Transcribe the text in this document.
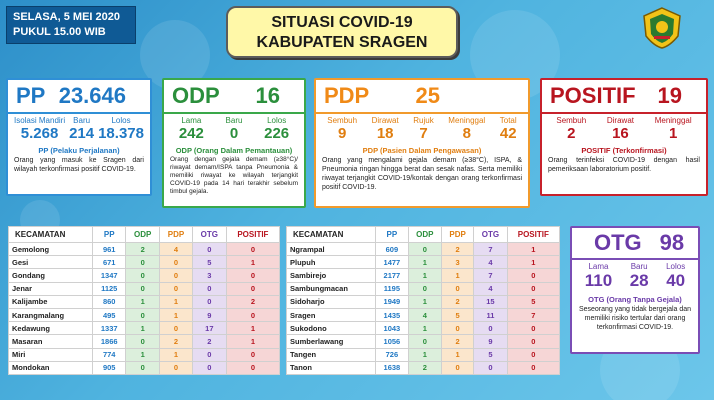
SELASA, 5 MEI 2020
PUKUL 15.00 WIB
SITUASI COVID-19
KABUPATEN SRAGEN
PP 23.646
Isolasi Mandiri
5.268
Baru
214
Lolos
18.378
PP (Pelaku Perjalanan)
Orang yang masuk ke Sragen dari wilayah terkonfirmasi positif COVID-19.
ODP 16
Lama
242
Baru
0
Lolos
226
ODP (Orang Dalam Pemantauan)
Orang dengan gejala demam (≥38°C)/ riwayat demam/ISPA tanpa Pneumonia & memiliki riwayat ke wilayah terjangkit COVID-19 pada 14 hari terakhir sebelum timbul gejala.
PDP 25
Sembuh
9
Dirawat
18
Rujuk
7
Meninggal
8
Total
42
PDP (Pasien Dalam Pengawasan)
Orang yang mengalami gejala demam (≥38°C), ISPA, & Pneumonia ringan hingga berat dan sesak nafas. Serta memiliki riwayat terjangkit COVID-19/kontak dengan orang terkonfirmasi positif COVID-19.
POSITIF 19
Sembuh
2
Dirawat
16
Meninggal
1
POSITIF (Terkonfirmasi)
Orang terinfeksi COVID-19 dengan hasil pemeriksaan laboratorium positif.
KECAMATAN	PP	ODP	PDP	OTG	POSITIF
Gemolong	961	2	4	0	0
Gesi	671	0	0	5	1
Gondang	1347	0	0	3	0
Jenar	1125	0	0	0	0
Kalijambe	860	1	1	0	2
Karangmalang	495	0	1	9	0
Kedawung	1337	1	0	17	1
Masaran	1866	0	2	2	1
Miri	774	1	1	0	0
Mondokan	905	0	0	0	0
KECAMATAN	PP	ODP	PDP	OTG	POSITIF
Ngrampal	609	0	2	7	1
Plupuh	1477	1	3	4	1
Sambirejo	2177	1	1	7	0
Sambungmacan	1195	0	0	4	0
Sidoharjo	1949	1	2	15	5
Sragen	1435	4	5	11	7
Sukodono	1043	1	0	0	0
Sumberlawang	1056	0	2	9	0
Tangen	726	1	1	5	0
Tanon	1638	2	0	0	0
OTG 98
Lama
110
Baru
28
Lolos
40
OTG (Orang Tanpa Gejala)
Seseorang yang tidak bergejala dan memiliki risiko tertular dari orang terkonfirmasi COVID-19.
